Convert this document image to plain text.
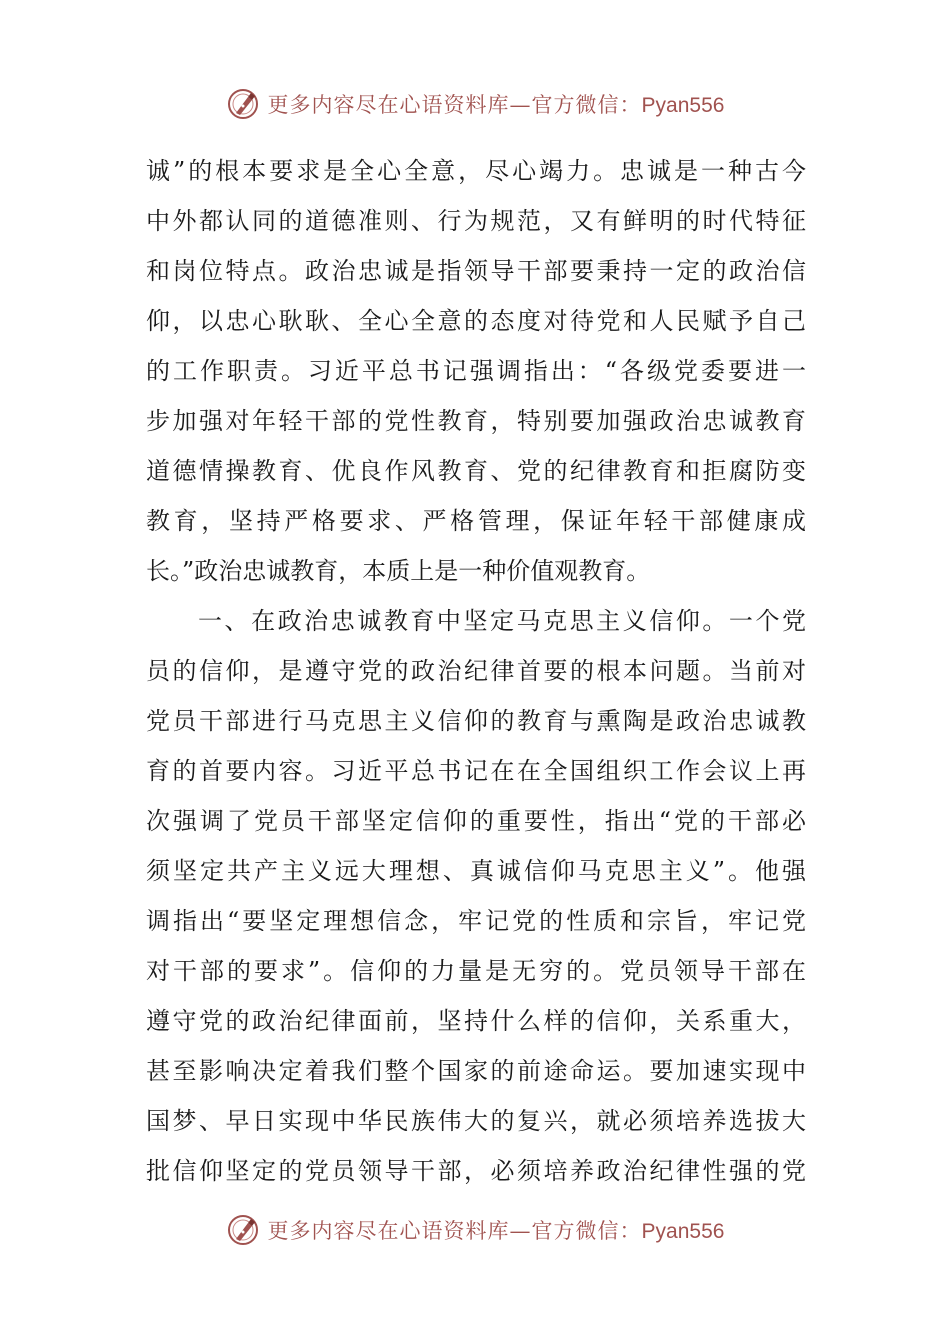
更多内容尽在心语资料库—官方微信：Pyan556
诚”的根本要求是全心全意，尽心竭力。忠诚是一种古今
中外都认同的道德准则、行为规范，又有鲜明的时代特征
和岗位特点。政治忠诚是指领导干部要秉持一定的政治信
仰，以忠心耿耿、全心全意的态度对待党和人民赋予自己
的工作职责。习近平总书记强调指出：“各级党委要进一
步加强对年轻干部的党性教育，特别要加强政治忠诚教育
道德情操教育、优良作风教育、党的纪律教育和拒腐防变
教育，坚持严格要求、严格管理，保证年轻干部健康成
长。”政治忠诚教育，本质上是一种价值观教育。
一、在政治忠诚教育中坚定马克思主义信仰。一个党
员的信仰，是遵守党的政治纪律首要的根本问题。当前对
党员干部进行马克思主义信仰的教育与熏陶是政治忠诚教
育的首要内容。习近平总书记在在全国组织工作会议上再
次强调了党员干部坚定信仰的重要性，指出“党的干部必
须坚定共产主义远大理想、真诚信仰马克思主义”。他强
调指出“要坚定理想信念，牢记党的性质和宗旨，牢记党
对干部的要求”。信仰的力量是无穷的。党员领导干部在
遵守党的政治纪律面前，坚持什么样的信仰，关系重大，
甚至影响决定着我们整个国家的前途命运。要加速实现中
国梦、早日实现中华民族伟大的复兴，就必须培养选拔大
批信仰坚定的党员领导干部，必须培养政治纪律性强的党
更多内容尽在心语资料库—官方微信：Pyan556
